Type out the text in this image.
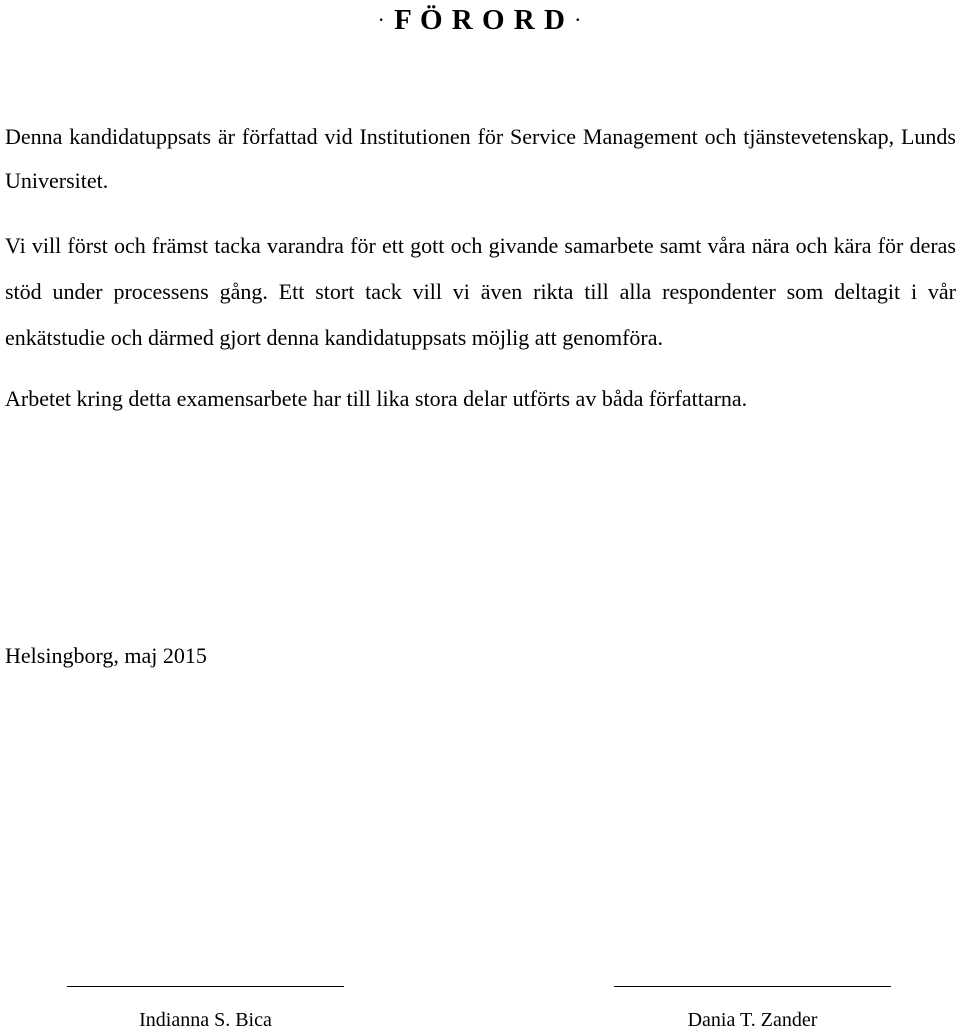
· F Ö R O R D ·

Denna kandidatuppsats är författad vid Institutionen för Service Management och tjänstevetenskap, Lunds Universitet.

Vi vill först och främst tacka varandra för ett gott och givande samarbete samt våra nära och kära för deras stöd under processens gång. Ett stort tack vill vi även rikta till alla respondenter som deltagit i vår enkätstudie och därmed gjort denna kandidatuppsats möjlig att genomföra.

Arbetet kring detta examensarbete har till lika stora delar utförts av båda författarna.

Helsingborg, maj 2015
Indianna S. Bica	Dania T. Zander
